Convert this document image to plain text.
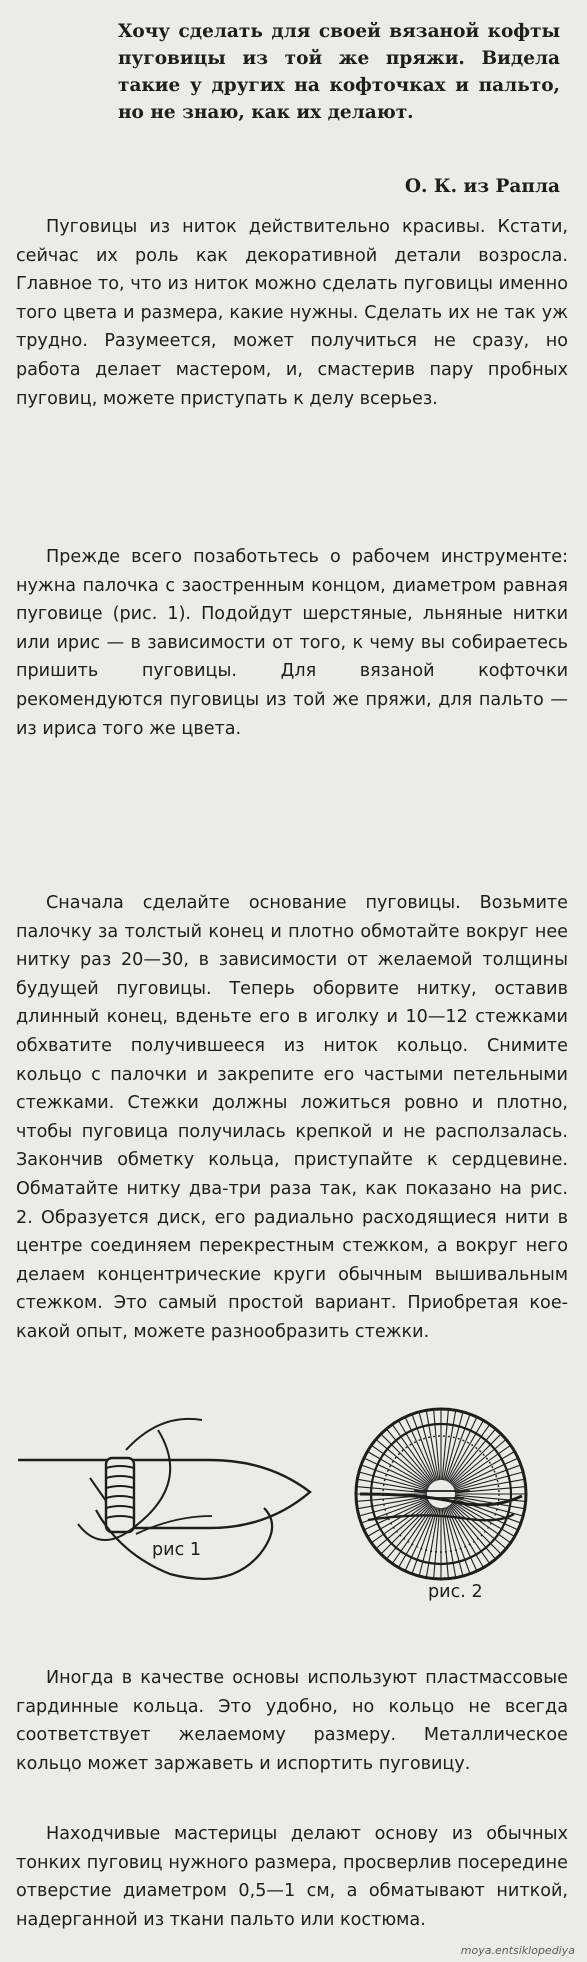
Хочу сделать для своей вязаной кофты пуговицы из той же пряжи. Видела такие у других на кофточках и пальто, но не знаю, как их делают.

О. К. из Рапла

Пуговицы из ниток действительно красивы. Кстати, сейчас их роль как декоративной детали возросла. Главное то, что из ниток можно сделать пуговицы именно того цвета и размера, какие нужны. Сделать их не так уж трудно. Разумеется, может получиться не сразу, но работа делает мастером, и, смастерив пару пробных пуговиц, можете приступать к делу всерьез.

Прежде всего позаботьтесь о рабочем инструменте: нужна палочка с заостренным концом, диаметром равная пуговице (рис. 1). Подойдут шерстяные, льняные нитки или ирис — в зависимости от того, к чему вы собираетесь пришить пуговицы. Для вязаной кофточки рекомендуются пуговицы из той же пряжи, для пальто — из ириса того же цвета.

Сначала сделайте основание пуговицы. Возьмите палочку за толстый конец и плотно обмотайте вокруг нее нитку раз 20—30, в зависимости от желаемой толщины будущей пуговицы. Теперь оборвите нитку, оставив длинный конец, вденьте его в иголку и 10—12 стежками обхватите получившееся из ниток кольцо. Снимите кольцо с палочки и закрепите его частыми петельными стежками. Стежки должны ложиться ровно и плотно, чтобы пуговица получилась крепкой и не расползалась. Закончив обметку кольца, приступайте к сердцевине. Обматайте нитку два-три раза так, как показано на рис. 2. Образуется диск, его радиально расходящиеся нити в центре соединяем перекрестным стежком, а вокруг него делаем концентрические круги обычным вышивальным стежком. Это самый простой вариант. Приобретая кое-какой опыт, можете разнообразить стежки.

рис 1
рис. 2

Иногда в качестве основы используют пластмассовые гардинные кольца. Это удобно, но кольцо не всегда соответствует желаемому размеру. Металлическое кольцо может заржаветь и испортить пуговицу.

Находчивые мастерицы делают основу из обычных тонких пуговиц нужного размера, просверлив посередине отверстие диаметром 0,5—1 см, а обматывают ниткой, надерганной из ткани пальто или костюма.

moya.entsiklopediya
